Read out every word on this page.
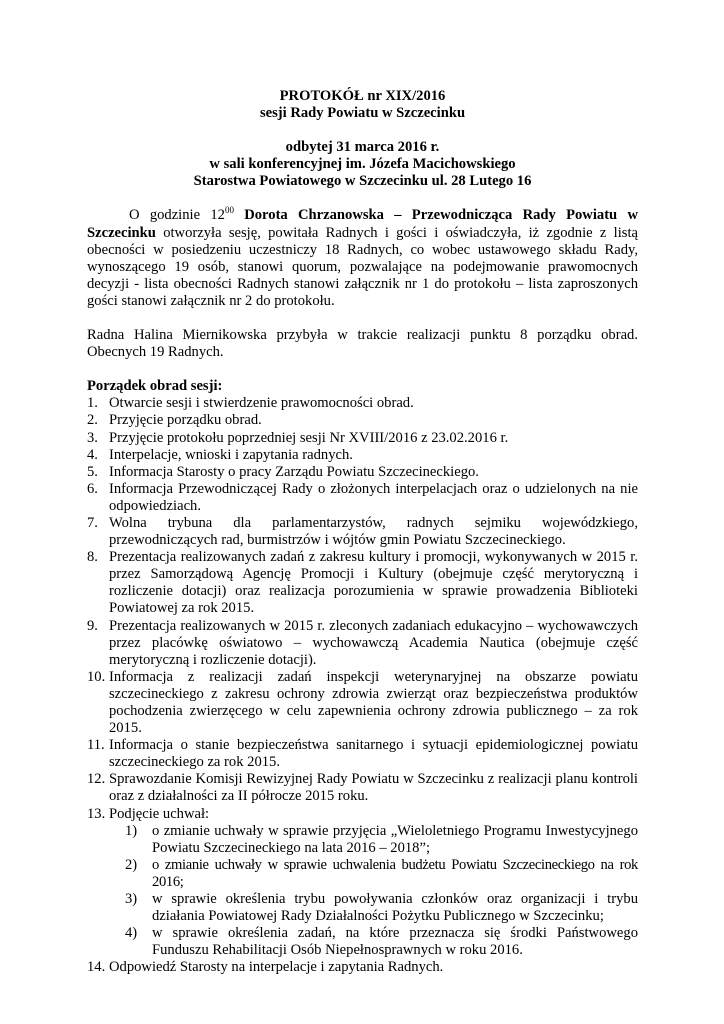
PROTOKÓŁ nr XIX/2016
sesji Rady Powiatu w Szczecinku
odbytej 31 marca 2016 r.
w sali konferencyjnej im. Józefa Macichowskiego
Starostwa Powiatowego w Szczecinku ul. 28 Lutego 16

O godzinie $12^{00}$ Dorota Chrzanowska – Przewodnicząca Rady Powiatu w Szczecinku otworzyła sesję, powitała Radnych i gości i oświadczyła, iż zgodnie z listą obecności w posiedzeniu uczestniczy 18 Radnych, co wobec ustawowego składu Rady, wynoszącego 19 osób, stanowi quorum, pozwalające na podejmowanie prawomocnych decyzji - lista obecności Radnych stanowi załącznik nr 1 do protokołu – lista zaproszonych gości stanowi załącznik nr 2 do protokołu.

Radna Halina Miernikowska przybyła w trakcie realizacji punktu 8 porządku obrad. Obecnych 19 Radnych.

Porządek obrad sesji:
1. Otwarcie sesji i stwierdzenie prawomocności obrad.
2. Przyjęcie porządku obrad.
3. Przyjęcie protokołu poprzedniej sesji Nr XVIII/2016 z 23.02.2016 r.
4. Interpelacje, wnioski i zapytania radnych.
5. Informacja Starosty o pracy Zarządu Powiatu Szczecineckiego.
6. Informacja Przewodniczącej Rady o złożonych interpelacjach oraz o udzielonych na nie odpowiedziach.
7. Wolna trybuna dla parlamentarzystów, radnych sejmiku wojewódzkiego, przewodniczących rad, burmistrzów i wójtów gmin Powiatu Szczecineckiego.
8. Prezentacja realizowanych zadań z zakresu kultury i promocji, wykonywanych w 2015 r. przez Samorządową Agencję Promocji i Kultury (obejmuje część merytoryczną i rozliczenie dotacji) oraz realizacja porozumienia w sprawie prowadzenia Biblioteki Powiatowej za rok 2015.
9. Prezentacja realizowanych w 2015 r. zleconych zadaniach edukacyjno – wychowawczych przez placówkę oświatowo – wychowawczą Academia Nautica (obejmuje część merytoryczną i rozliczenie dotacji).
10. Informacja z realizacji zadań inspekcji weterynaryjnej na obszarze powiatu szczecineckiego z zakresu ochrony zdrowia zwierząt oraz bezpieczeństwa produktów pochodzenia zwierzęcego w celu zapewnienia ochrony zdrowia publicznego – za rok 2015.
11. Informacja o stanie bezpieczeństwa sanitarnego i sytuacji epidemiologicznej powiatu szczecineckiego za rok 2015.
12. Sprawozdanie Komisji Rewizyjnej Rady Powiatu w Szczecinku z realizacji planu kontroli oraz z działalności za II półrocze 2015 roku.
13. Podjęcie uchwał:
1) o zmianie uchwały w sprawie przyjęcia „Wieloletniego Programu Inwestycyjnego Powiatu Szczecineckiego na lata 2016 – 2018”;
2) o zmianie uchwały w sprawie uchwalenia budżetu Powiatu Szczecineckiego na rok 2016;
3) w sprawie określenia trybu powoływania członków oraz organizacji i trybu działania Powiatowej Rady Działalności Pożytku Publicznego w Szczecinku;
4) w sprawie określenia zadań, na które przeznacza się środki Państwowego Funduszu Rehabilitacji Osób Niepełnosprawnych w roku 2016.
14. Odpowiedź Starosty na interpelacje i zapytania Radnych.
